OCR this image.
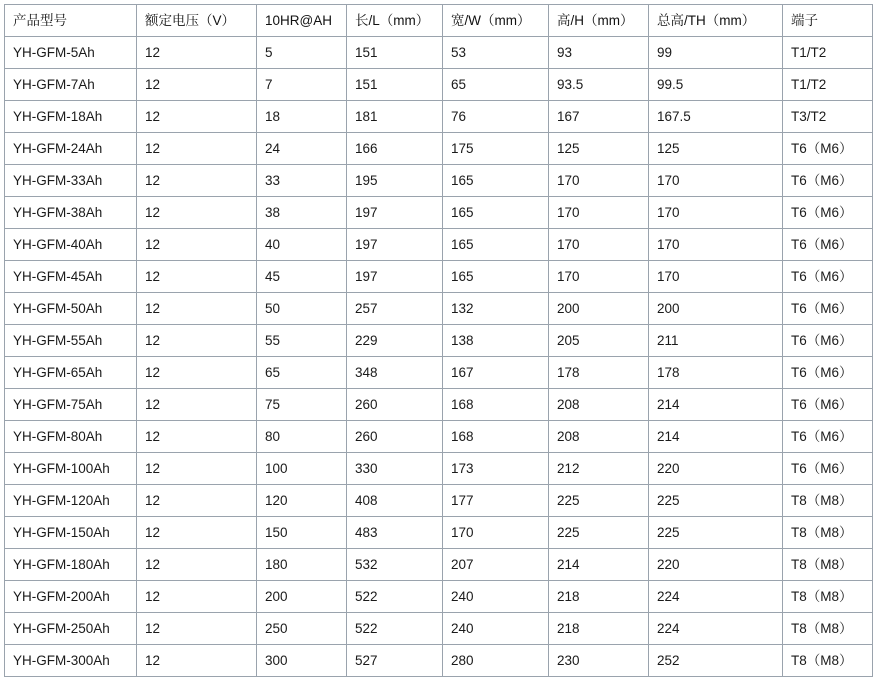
产品型号	额定电压（V）	10HR@AH	长/L（mm）	宽/W（mm）	高/H（mm）	总高/TH（mm）	端子
YH-GFM-5Ah	12	5	151	53	93	99	T1/T2
YH-GFM-7Ah	12	7	151	65	93.5	99.5	T1/T2
YH-GFM-18Ah	12	18	181	76	167	167.5	T3/T2
YH-GFM-24Ah	12	24	166	175	125	125	T6（M6）
YH-GFM-33Ah	12	33	195	165	170	170	T6（M6）
YH-GFM-38Ah	12	38	197	165	170	170	T6（M6）
YH-GFM-40Ah	12	40	197	165	170	170	T6（M6）
YH-GFM-45Ah	12	45	197	165	170	170	T6（M6）
YH-GFM-50Ah	12	50	257	132	200	200	T6（M6）
YH-GFM-55Ah	12	55	229	138	205	211	T6（M6）
YH-GFM-65Ah	12	65	348	167	178	178	T6（M6）
YH-GFM-75Ah	12	75	260	168	208	214	T6（M6）
YH-GFM-80Ah	12	80	260	168	208	214	T6（M6）
YH-GFM-100Ah	12	100	330	173	212	220	T6（M6）
YH-GFM-120Ah	12	120	408	177	225	225	T8（M8）
YH-GFM-150Ah	12	150	483	170	225	225	T8（M8）
YH-GFM-180Ah	12	180	532	207	214	220	T8（M8）
YH-GFM-200Ah	12	200	522	240	218	224	T8（M8）
YH-GFM-250Ah	12	250	522	240	218	224	T8（M8）
YH-GFM-300Ah	12	300	527	280	230	252	T8（M8）
